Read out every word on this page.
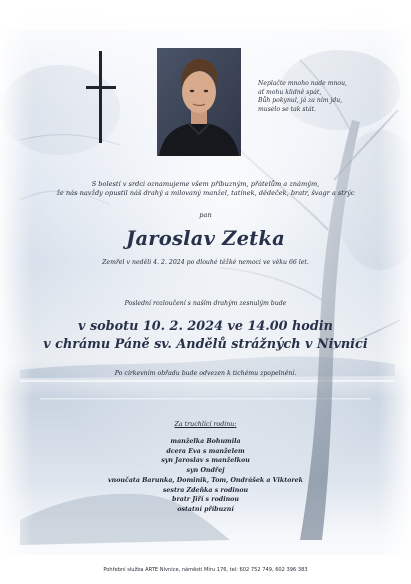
Neplačte mnoho nade mnou,
ať mohu klidně spát,
Bůh pokynul, já za ním jdu,
muselo se tak stát.
S bolestí v srdci oznamujeme všem příbuzným, přátelům a známým,
že nás navždy opustil náš drahý a milovaný manžel, tatínek, dědeček, bratr, švagr a strýc
pan
Jaroslav Zetka
Zemřel v neděli 4. 2. 2024 po dlouhé těžké nemoci ve věku 66 let.
Poslední rozloučení s naším drahým zesnulým bude
v sobotu 10. 2. 2024 ve 14.00 hodin
v chrámu Páně sv. Andělů strážných v Nivnici
Po církevním obřadu bude odvezen k tichému zpopelnění.
Za truchlící rodinu:
manželka Bohumila
dcera Eva s manželem
syn Jaroslav s manželkou
syn Ondřej
vnoučata Barunka, Dominik, Tom, Ondrášek a Viktorek
sestra Zdeňka s rodinou
bratr Jiří s rodinou
ostatní příbuzní
Pohřební služba ARTE Nivnice, náměstí Míru 176, tel: 602 752 749, 602 396 383
